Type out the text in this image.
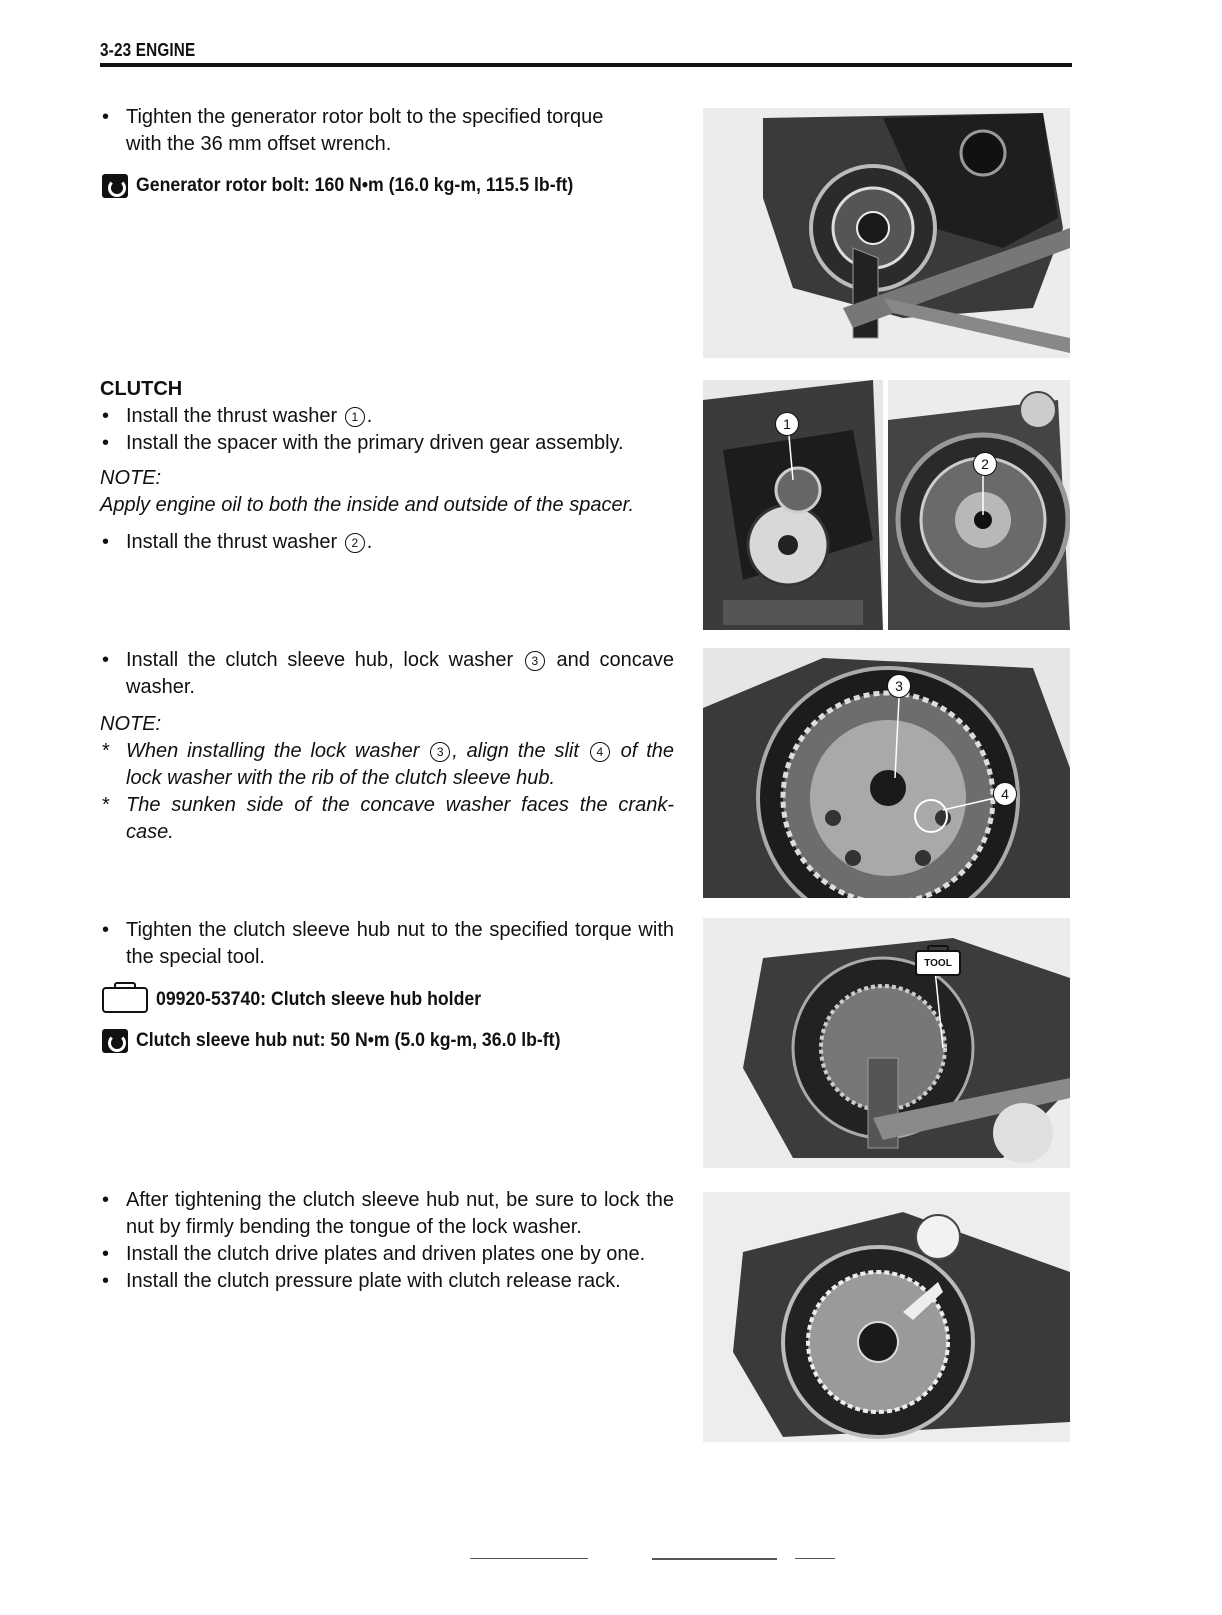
3-23 ENGINE

• Tighten the generator rotor bolt to the specified torque
with the 36 mm offset wrench.

Generator rotor bolt: 160 N•m (16.0 kg-m, 115.5 lb-ft)

CLUTCH

• Install the thrust washer 1 .

• Install the spacer with the primary driven gear assembly.

NOTE:

Apply engine oil to both the inside and outside of the spacer.

• Install the thrust washer 2 .

1
2

• Install the clutch sleeve hub, lock washer 3 and concave washer.

NOTE:

* When installing the lock washer 3 , align the slit 4 of the lock washer with the rib of the clutch sleeve hub.

* The sunken side of the concave washer faces the crank-case.

3
4

• Tighten the clutch sleeve hub nut to the specified torque with the special tool.

09920-53740: Clutch sleeve hub holder
Clutch sleeve hub nut: 50 N•m (5.0 kg-m, 36.0 lb-ft)
TOOL

• After tightening the clutch sleeve hub nut, be sure to lock the nut by firmly bending the tongue of the lock washer.

• Install the clutch drive plates and driven plates one by one.

• Install the clutch pressure plate with clutch release rack.
